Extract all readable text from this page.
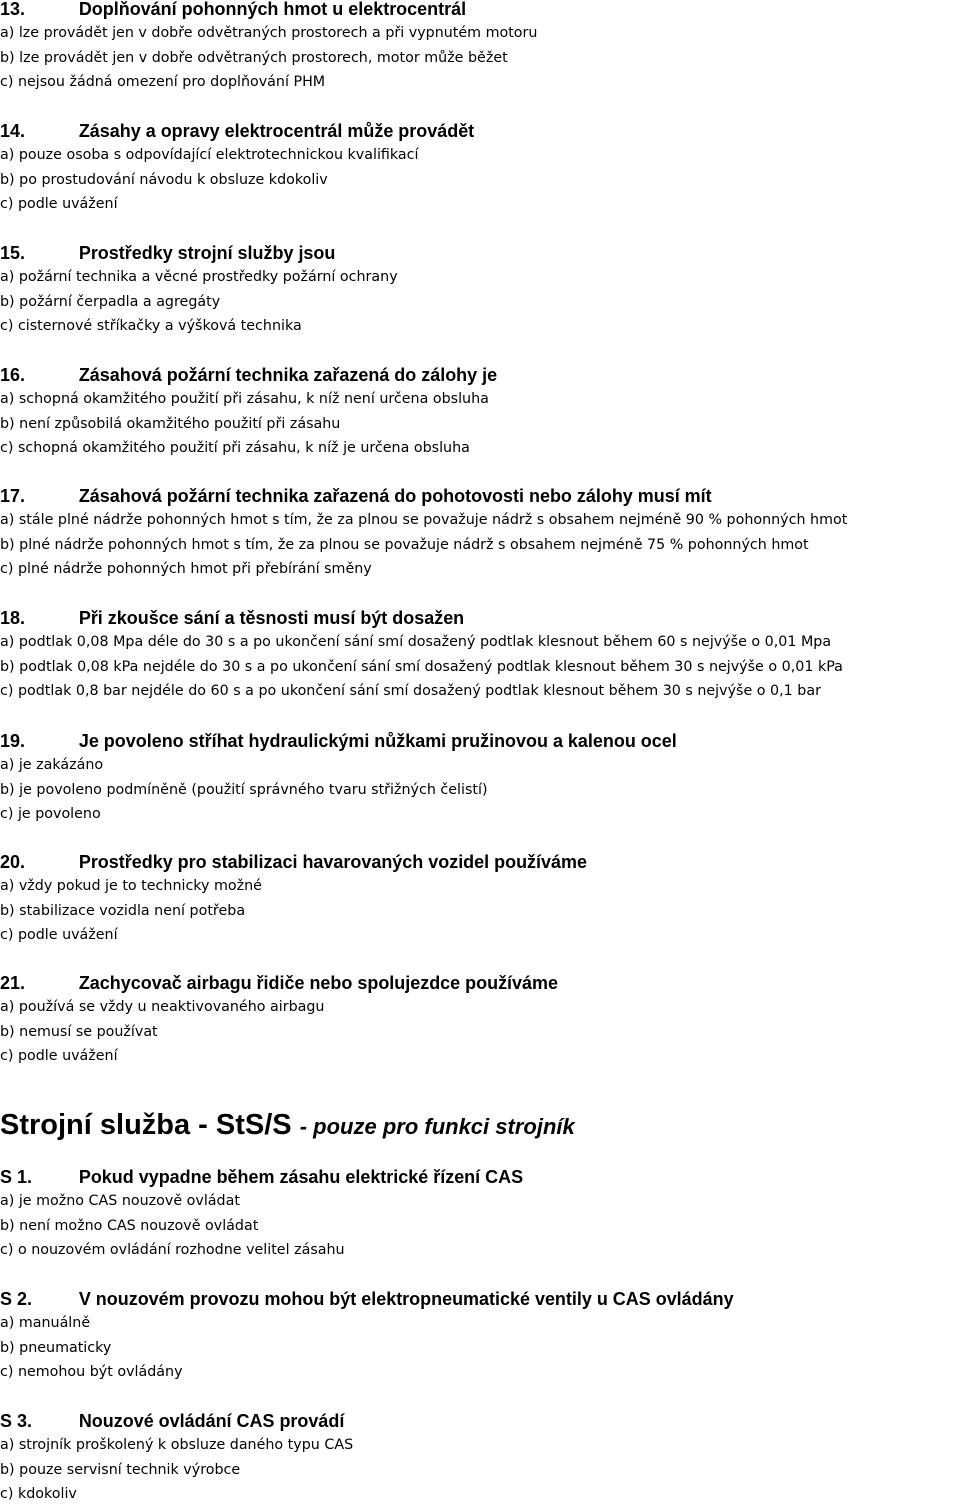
13.	Doplňování pohonných hmot u elektrocentrál
a) lze provádět jen v dobře odvětraných prostorech a při vypnutém motoru
b) lze provádět jen v dobře odvětraných prostorech, motor může běžet
c) nejsou žádná omezení pro doplňování PHM
14.	Zásahy a opravy elektrocentrál může provádět
a) pouze osoba s odpovídající elektrotechnickou kvalifikací
b) po prostudování návodu k obsluze kdokoliv
c) podle uvážení
15.	Prostředky strojní služby jsou
a) požární technika a věcné prostředky požární ochrany
b) požární čerpadla a agregáty
c) cisternové stříkačky a výšková technika
16.	Zásahová požární technika zařazená do zálohy je
a) schopná okamžitého použití při zásahu, k níž není určena obsluha
b) není způsobilá okamžitého použití při zásahu
c) schopná okamžitého použití při zásahu, k níž je určena obsluha
17.	Zásahová požární technika zařazená do pohotovosti nebo zálohy musí mít
a) stále plné nádrže pohonných hmot s tím, že za plnou se považuje nádrž s obsahem nejméně 90 % pohonných hmot
b) plné nádrže pohonných hmot s tím, že za plnou se považuje nádrž s obsahem nejméně 75 % pohonných hmot
c) plné nádrže pohonných hmot při přebírání směny
18.	Při zkoušce sání a těsnosti musí být dosažen
a) podtlak 0,08 Mpa déle do 30 s a po ukončení sání smí dosažený podtlak klesnout během 60 s nejvýše o 0,01 Mpa
b) podtlak 0,08 kPa nejdéle do 30 s a po ukončení sání smí dosažený podtlak klesnout během 30 s nejvýše o 0,01 kPa
c) podtlak 0,8 bar nejdéle do 60 s a po ukončení sání smí dosažený podtlak klesnout během 30 s nejvýše o 0,1 bar
19.	Je povoleno stříhat hydraulickými nůžkami pružinovou a kalenou ocel
a) je zakázáno
b) je povoleno podmíněně (použití správného tvaru střižných čelistí)
c) je povoleno
20.	Prostředky pro stabilizaci havarovaných vozidel používáme
a) vždy pokud je to technicky možné
b) stabilizace vozidla není potřeba
c) podle uvážení
21.	Zachycovač airbagu řidiče nebo spolujezdce používáme
a) používá se vždy u neaktivovaného airbagu
b) nemusí se používat
c) podle uvážení
Strojní služba - StS/S - pouze pro funkci strojník
S 1.	Pokud vypadne během zásahu elektrické řízení CAS
a) je možno CAS nouzově ovládat
b) není možno CAS nouzově ovládat
c) o nouzovém ovládání rozhodne velitel zásahu
S 2.	V nouzovém provozu mohou být elektropneumatické ventily u CAS ovládány
a) manuálně
b) pneumaticky
c) nemohou být ovládány
S 3.	Nouzové ovládání CAS provádí
a) strojník proškolený k obsluze daného typu CAS
b) pouze servisní technik výrobce
c) kdokoliv
